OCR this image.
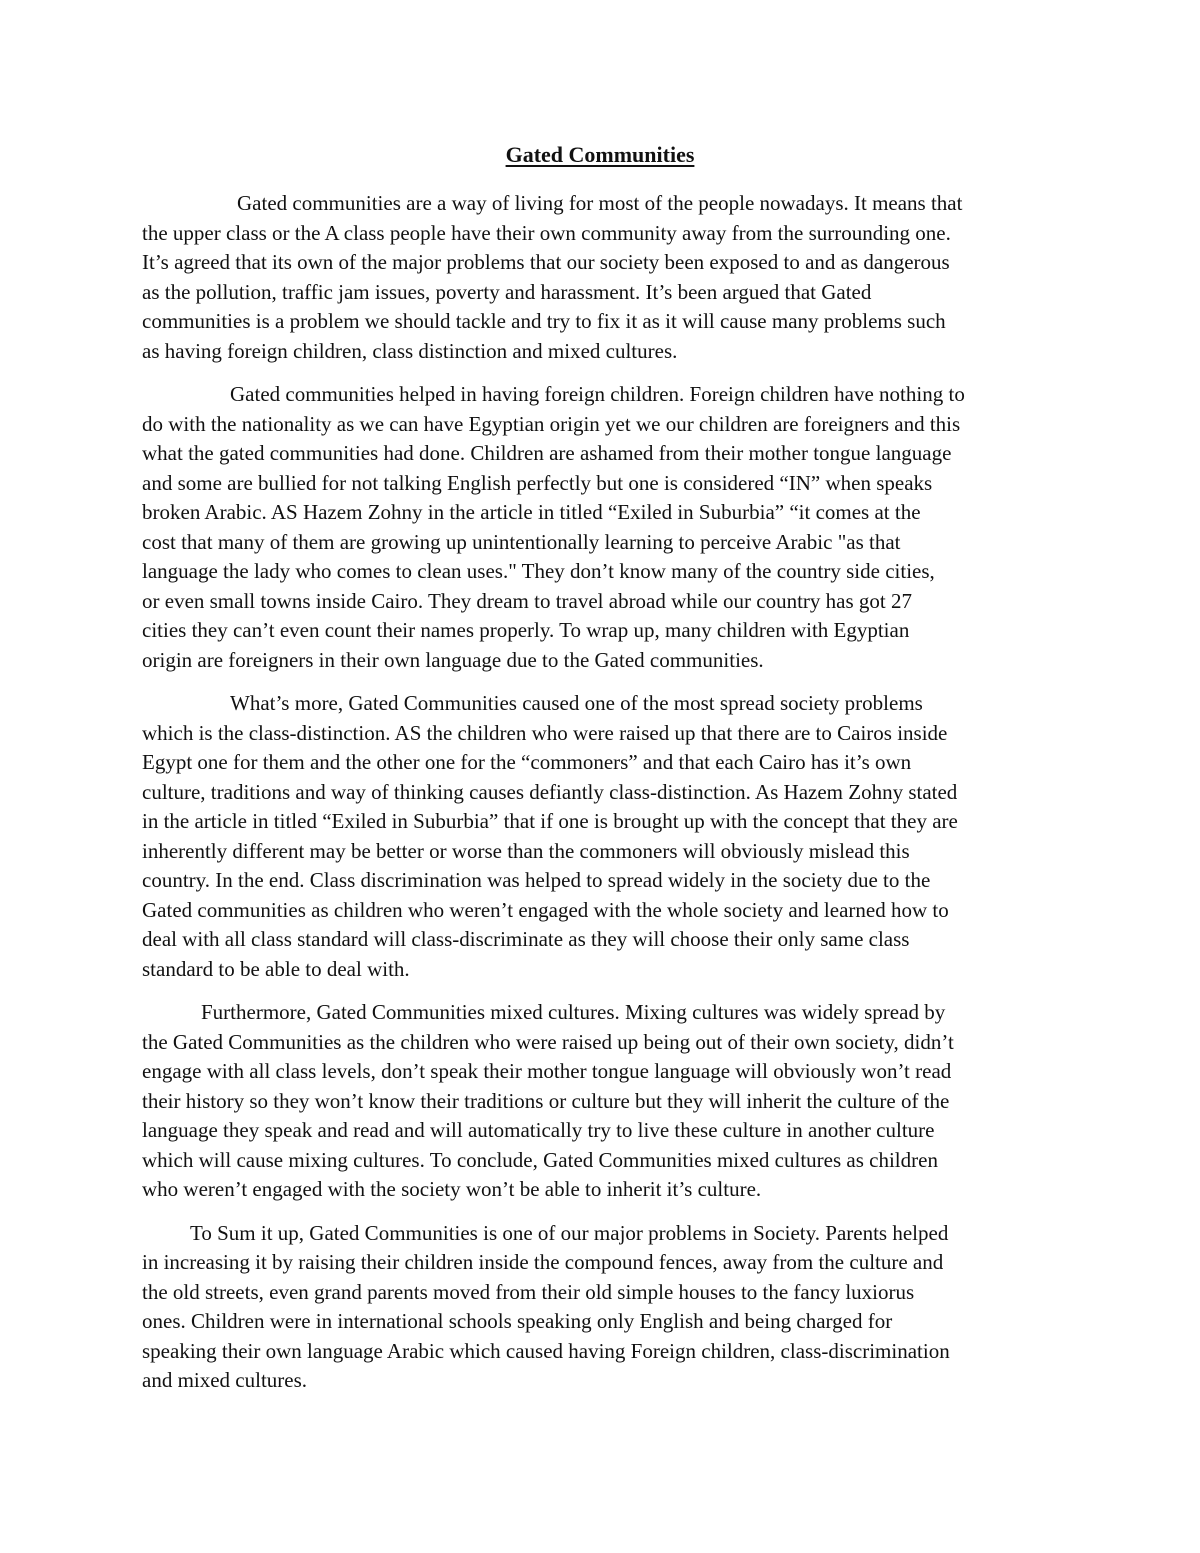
Gated Communities

Gated communities are a way of living for most of the people nowadays. It means that
the upper class or the A class people have their own community away from the surrounding one.
It’s agreed that its own of the major problems that our society been exposed to and as dangerous
as the pollution, traffic jam issues, poverty and harassment. It’s been argued that Gated
communities is a problem we should tackle and try to fix it as it will cause many problems such
as having foreign children, class distinction and mixed cultures.

Gated communities helped in having foreign children. Foreign children have nothing to
do with the nationality as we can have Egyptian origin yet we our children are foreigners and this
what the gated communities had done. Children are ashamed from their mother tongue language
and some are bullied for not talking English perfectly but one is considered “IN” when speaks
broken Arabic. AS Hazem Zohny in the article in titled “Exiled in Suburbia” “it comes at the
cost that many of them are growing up unintentionally learning to perceive Arabic "as that
language the lady who comes to clean uses." They don’t know many of the country side cities,
or even small towns inside Cairo. They dream to travel abroad while our country has got 27
cities they can’t even count their names properly. To wrap up, many children with Egyptian
origin are foreigners in their own language due to the Gated communities.

What’s more, Gated Communities caused one of the most spread society problems
which is the class-distinction. AS the children who were raised up that there are to Cairos inside
Egypt one for them and the other one for the “commoners” and that each Cairo has it’s own
culture, traditions and way of thinking causes defiantly class-distinction. As Hazem Zohny stated
in the article in titled “Exiled in Suburbia” that if one is brought up with the concept that they are
inherently different may be better or worse than the commoners will obviously mislead this
country. In the end. Class discrimination was helped to spread widely in the society due to the
Gated communities as children who weren’t engaged with the whole society and learned how to
deal with all class standard will class-discriminate as they will choose their only same class
standard to be able to deal with.

Furthermore, Gated Communities mixed cultures. Mixing cultures was widely spread by
the Gated Communities as the children who were raised up being out of their own society, didn’t
engage with all class levels, don’t speak their mother tongue language will obviously won’t read
their history so they won’t know their traditions or culture but they will inherit the culture of the
language they speak and read and will automatically try to live these culture in another culture
which will cause mixing cultures. To conclude, Gated Communities mixed cultures as children
who weren’t engaged with the society won’t be able to inherit it’s culture.

To Sum it up, Gated Communities is one of our major problems in Society. Parents helped
in increasing it by raising their children inside the compound fences, away from the culture and
the old streets, even grand parents moved from their old simple houses to the fancy luxiorus
ones. Children were in international schools speaking only English and being charged for
speaking their own language Arabic which caused having Foreign children, class-discrimination
and mixed cultures.
